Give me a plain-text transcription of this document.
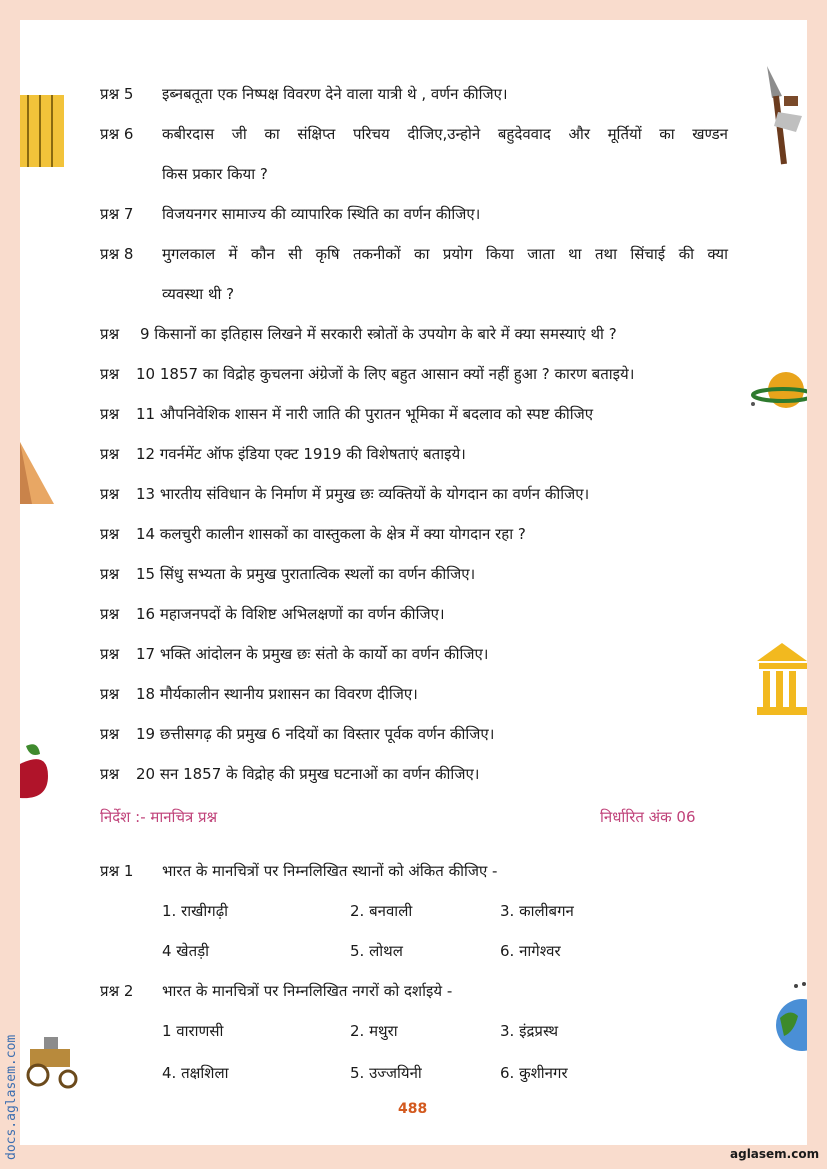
प्रश्न 5 इब्नबतूता एक निष्पक्ष विवरण देने वाला यात्री थे , वर्णन कीजिए।
प्रश्न 6 कबीरदास जी का संक्षिप्त परिचय दीजिए,उन्होने बहुदेववाद और मूर्तियों का खण्डन
किस प्रकार किया ?
प्रश्न 7 विजयनगर सामाज्य की व्यापारिक स्थिति का वर्णन कीजिए।
प्रश्न 8 मुगलकाल में कौन सी कृषि तकनीकों का प्रयोग किया जाता था तथा सिंचाई की क्या
व्यवस्था थी ?
प्रश्न 9 किसानों का इतिहास लिखने में सरकारी स्त्रोतों के उपयोग के बारे में क्या समस्याएं थी ?
प्रश्न 10 1857 का विद्रोह कुचलना अंग्रेजों के लिए बहुत आसान क्यों नहीं हुआ ? कारण बताइये।
प्रश्न 11 औपनिवेशिक शासन में नारी जाति की पुरातन भूमिका में बदलाव को स्पष्ट कीजिए
प्रश्न 12 गवर्नमेंट ऑफ इंडिया एक्ट 1919 की विशेषताएं बताइये।
प्रश्न 13 भारतीय संविधान के निर्माण में प्रमुख छः व्यक्तियों के योगदान का वर्णन कीजिए।
प्रश्न 14 कलचुरी कालीन शासकों का वास्तुकला के क्षेत्र में क्या योगदान रहा ?
प्रश्न 15 सिंधु सभ्यता के प्रमुख पुरातात्विक स्थलों का वर्णन कीजिए।
प्रश्न 16 महाजनपदों के विशिष्ट अभिलक्षणों का वर्णन कीजिए।
प्रश्न 17 भक्ति आंदोलन के प्रमुख छः संतो के कार्यो का वर्णन कीजिए।
प्रश्न 18 मौर्यकालीन स्थानीय प्रशासन का विवरण दीजिए।
प्रश्न 19 छत्तीसगढ़ की प्रमुख 6 नदियों का विस्तार पूर्वक वर्णन कीजिए।
प्रश्न 20 सन 1857 के विद्रोह की प्रमुख घटनाओं का वर्णन कीजिए।
निर्देश :- मानचित्र प्रश्न	निर्धारित अंक 06
प्रश्न 1 भारत के मानचित्रों पर निम्नलिखित स्थानों को अंकित कीजिए -
1. राखीगढ़ी	2. बनवाली	3. कालीबगन
4 खेतड़ी	5. लोथल	6. नागेश्वर
प्रश्न 2 भारत के मानचित्रों पर निम्नलिखित नगरों को दर्शाइये -
1 वाराणसी	2. मथुरा	3. इंद्रप्रस्थ
4. तक्षशिला	5. उज्जयिनी	6. कुशीनगर
488
aglasem.com
docs.aglasem.com
